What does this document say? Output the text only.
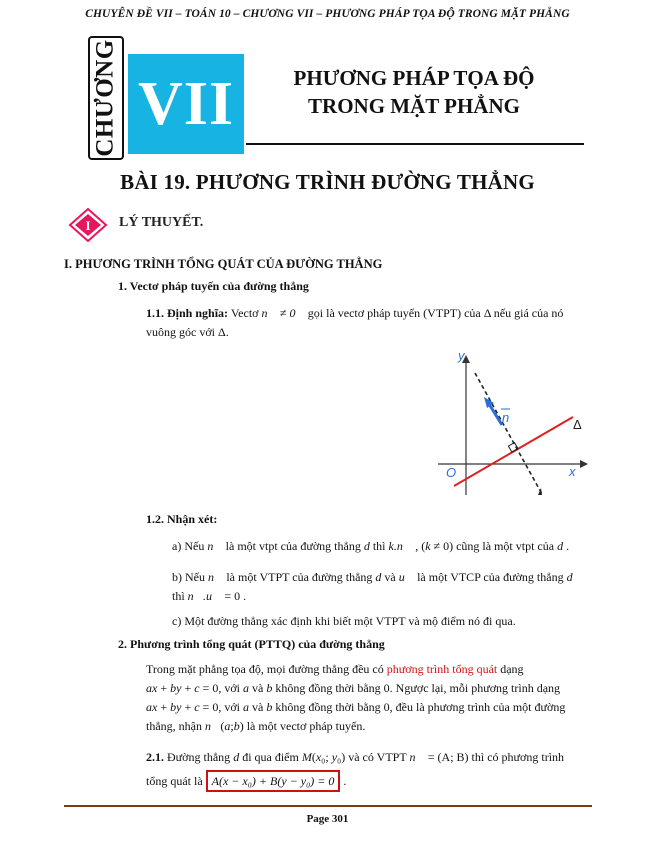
CHUYÊN ĐỀ VII – TOÁN 10 – CHƯƠNG VII – PHƯƠNG PHÁP TỌA ĐỘ TRONG MẶT PHẲNG
CHƯƠNG VII	PHƯƠNG PHÁP TỌA ĐỘ
TRONG MẶT PHẲNG
BÀI 19. PHƯƠNG TRÌNH ĐƯỜNG THẲNG
I LÝ THUYẾT.
I. PHƯƠNG TRÌNH TỔNG QUÁT CỦA ĐƯỜNG THẲNG
1. Vectơ pháp tuyến của đường thẳng
1.1. Định nghĩa: Vectơ n⃗ ≠ 0⃗ gọi là vectơ pháp tuyến (VTPT) của Δ nếu giá của nó
vuông góc với Δ.
y
x
O
n	Δ
1.2. Nhận xét:
a) Nếu n⃗ là một vtpt của đường thẳng d thì k.n⃗ , (k ≠ 0) cũng là một vtpt của d .
b) Nếu n⃗ là một VTPT của đường thẳng d và u⃗ là một VTCP của đường thẳng d
thì n⃗.u⃗ = 0 .
c) Một đường thẳng xác định khi biết một VTPT và mộ điểm nó đi qua.
2. Phương trình tổng quát (PTTQ) của đường thẳng
Trong mặt phẳng tọa độ, mọi đường thẳng đều có phương trình tổng quát dạng
ax + by + c = 0, với a và b không đồng thời bằng 0. Ngược lại, mỗi phương trình dạng
ax + by + c = 0, với a và b không đồng thời bằng 0, đều là phương trình của một đường
thẳng, nhận n⃗(a;b) là một vectơ pháp tuyến.
2.1. Đường thẳng d đi qua điểm M(x₀; y₀) và có VTPT n⃗ = (A; B) thì có phương trình
tổng quát là A(x − x₀) + B(y − y₀) = 0 .
Page 301
